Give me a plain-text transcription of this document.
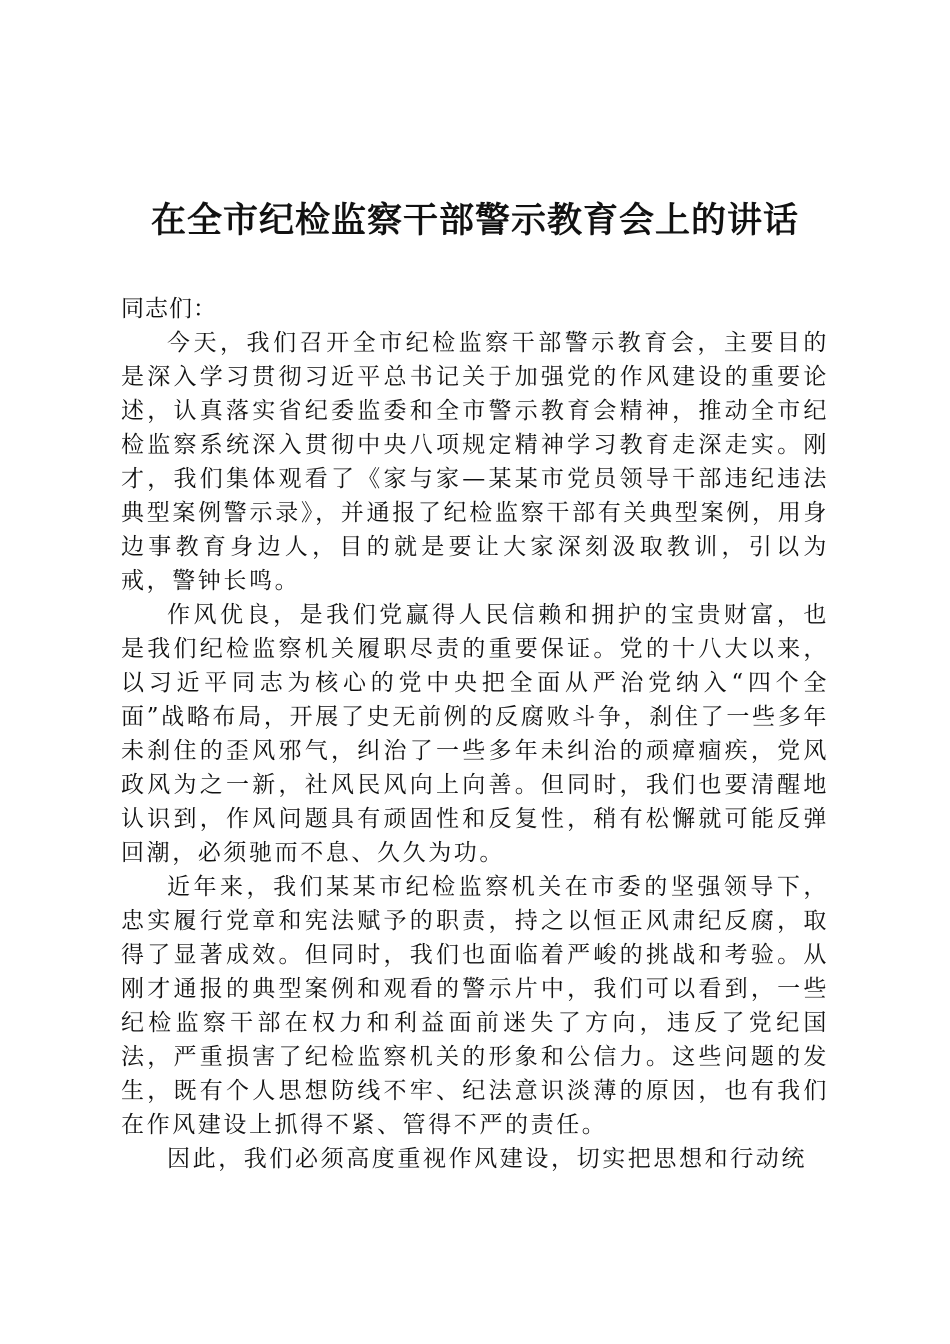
在全市纪检监察干部警示教育会上的讲话

同志们：

今天，我们召开全市纪检监察干部警示教育会，主要目的是深入学习贯彻习近平总书记关于加强党的作风建设的重要论述，认真落实省纪委监委和全市警示教育会精神，推动全市纪检监察系统深入贯彻中央八项规定精神学习教育走深走实。刚才，我们集体观看了《家与家—某某市党员领导干部违纪违法典型案例警示录》，并通报了纪检监察干部有关典型案例，用身边事教育身边人，目的就是要让大家深刻汲取教训，引以为戒，警钟长鸣。

作风优良，是我们党赢得人民信赖和拥护的宝贵财富，也是我们纪检监察机关履职尽责的重要保证。党的十八大以来，以习近平同志为核心的党中央把全面从严治党纳入“四个全面”战略布局，开展了史无前例的反腐败斗争，刹住了一些多年未刹住的歪风邪气，纠治了一些多年未纠治的顽瘴痼疾，党风政风为之一新，社风民风向上向善。但同时，我们也要清醒地认识到，作风问题具有顽固性和反复性，稍有松懈就可能反弹回潮，必须驰而不息、久久为功。

近年来，我们某某市纪检监察机关在市委的坚强领导下，忠实履行党章和宪法赋予的职责，持之以恒正风肃纪反腐，取得了显著成效。但同时，我们也面临着严峻的挑战和考验。从刚才通报的典型案例和观看的警示片中，我们可以看到，一些纪检监察干部在权力和利益面前迷失了方向，违反了党纪国法，严重损害了纪检监察机关的形象和公信力。这些问题的发生，既有个人思想防线不牢、纪法意识淡薄的原因，也有我们在作风建设上抓得不紧、管得不严的责任。

因此，我们必须高度重视作风建设，切实把思想和行动统
